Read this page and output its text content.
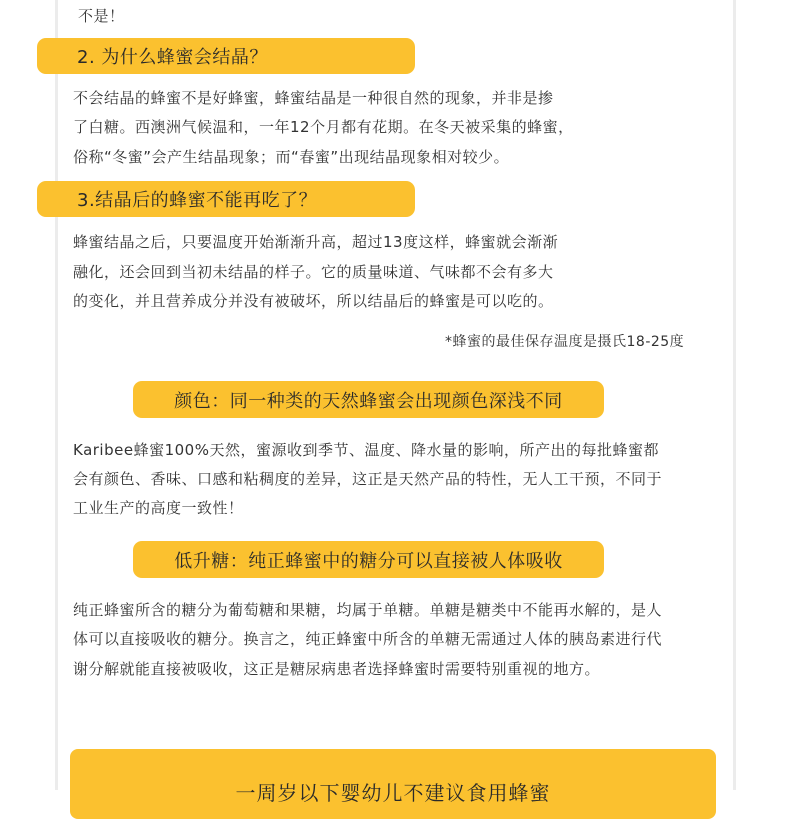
不是！

2. 为什么蜂蜜会结晶？

不会结晶的蜂蜜不是好蜂蜜，蜂蜜结晶是一种很自然的现象，并非是掺

了白糖。西澳洲气候温和，一年12个月都有花期。在冬天被采集的蜂蜜，

俗称“冬蜜”会产生结晶现象；而“春蜜”出现结晶现象相对较少。

3.结晶后的蜂蜜不能再吃了？

蜂蜜结晶之后，只要温度开始渐渐升高，超过13度这样，蜂蜜就会渐渐

融化，还会回到当初未结晶的样子。它的质量味道、气味都不会有多大

的变化，并且营养成分并没有被破坏，所以结晶后的蜂蜜是可以吃的。

*蜂蜜的最佳保存温度是摄氏18-25度
颜色：同一种类的天然蜂蜜会出现颜色深浅不同

Karibee蜂蜜100%天然，蜜源收到季节、温度、降水量的影响，所产出的每批蜂蜜都

会有颜色、香味、口感和粘稠度的差异，这正是天然产品的特性，无人工干预，不同于

工业生产的高度一致性！

低升糖：纯正蜂蜜中的糖分可以直接被人体吸收

纯正蜂蜜所含的糖分为葡萄糖和果糖，均属于单糖。单糖是糖类中不能再水解的，是人

体可以直接吸收的糖分。换言之，纯正蜂蜜中所含的单糖无需通过人体的胰岛素进行代

谢分解就能直接被吸收，这正是糖尿病患者选择蜂蜜时需要特别重视的地方。

一周岁以下婴幼儿不建议食用蜂蜜
